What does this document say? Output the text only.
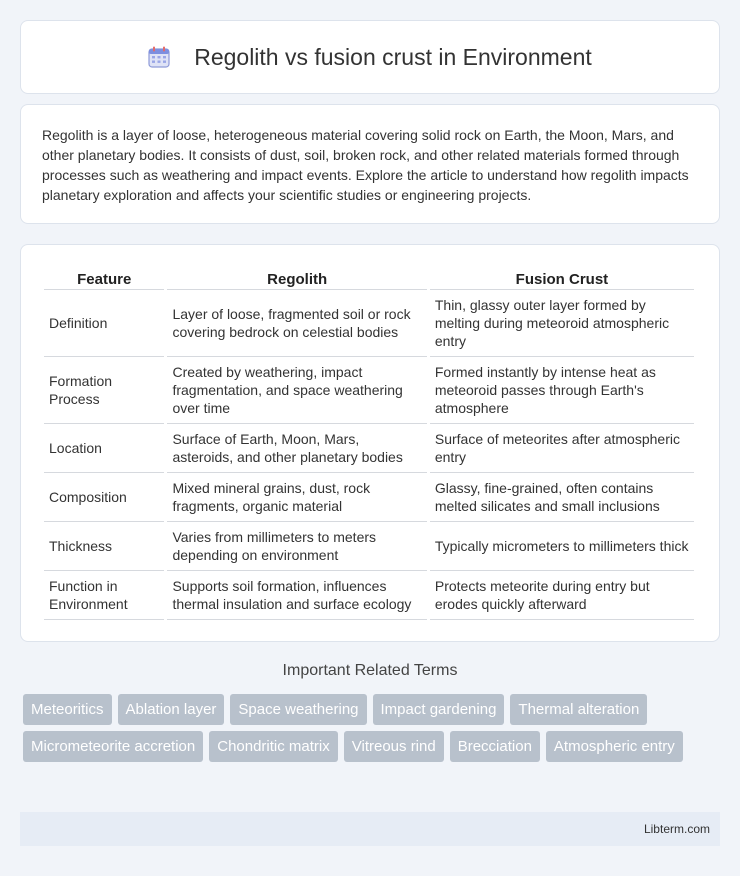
Regolith vs fusion crust in Environment

Regolith is a layer of loose, heterogeneous material covering solid rock on Earth, the Moon, Mars, and other planetary bodies. It consists of dust, soil, broken rock, and other related materials formed through processes such as weathering and impact events. Explore the article to understand how regolith impacts planetary exploration and affects your scientific studies or engineering projects.

Feature	Regolith	Fusion Crust
Definition	Layer of loose, fragmented soil or rock covering bedrock on celestial bodies	Thin, glassy outer layer formed by melting during meteoroid atmospheric entry
Formation Process	Created by weathering, impact fragmentation, and space weathering over time	Formed instantly by intense heat as meteoroid passes through Earth's atmosphere
Location	Surface of Earth, Moon, Mars, asteroids, and other planetary bodies	Surface of meteorites after atmospheric entry
Composition	Mixed mineral grains, dust, rock fragments, organic material	Glassy, fine-grained, often contains melted silicates and small inclusions
Thickness	Varies from millimeters to meters depending on environment	Typically micrometers to millimeters thick
Function in Environment	Supports soil formation, influences thermal insulation and surface ecology	Protects meteorite during entry but erodes quickly afterward
Important Related Terms
Meteoritics	Ablation layer	Space weathering	Impact gardening	Thermal alteration
Micrometeorite accretion	Chondritic matrix	Vitreous rind	Brecciation	Atmospheric entry
Libterm.com
